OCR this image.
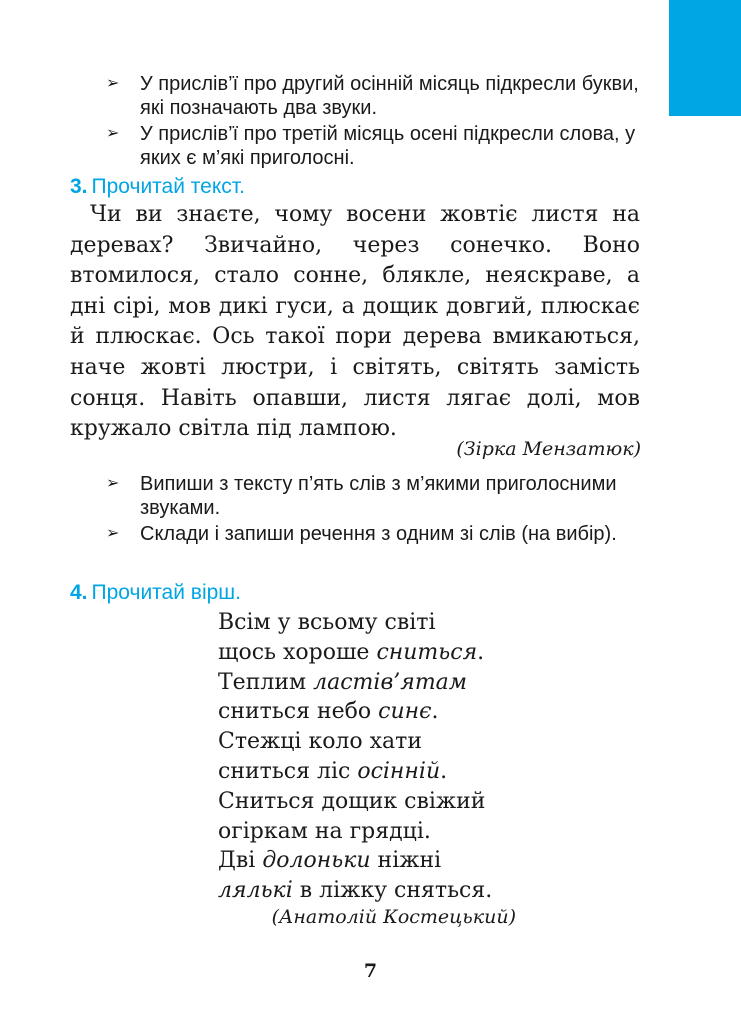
➢ У прислів’ї про другий осінній місяць підкресли букви, які позначають два звуки.
➢ У прислів’ї про третій місяць осені підкресли слова, у яких є м’які приголосні.
3. Прочитай текст.

Чи ви знаєте, чому восени жовтіє листя на деревах? Звичайно, через сонечко. Воно втомилося, стало сонне, блякле, неяскраве, а дні сірі, мов дикі гуси, а дощик довгий, плюскає й плюскає. Ось такої пори дерева вмикаються, наче жовті люстри, і світять, світять замість сонця. Навіть опавши, листя лягає долі, мов кружало світла під лампою.

(Зірка Мензатюк)
➢ Випиши з тексту п’ять слів з м’якими приголосними звуками.
➢ Склади і запиши речення з одним зі слів (на вибір).
4. Прочитай вірш.
Всім у всьому світі
щось хороше сниться.
Теплим ластів’ятам
сниться небо синє.
Стежці коло хати
сниться ліс осінній.
Сниться дощик свіжий
огіркам на грядці.
Дві долоньки ніжні
лялькі в ліжку сняться.
(Анатолій Костецький)
7
